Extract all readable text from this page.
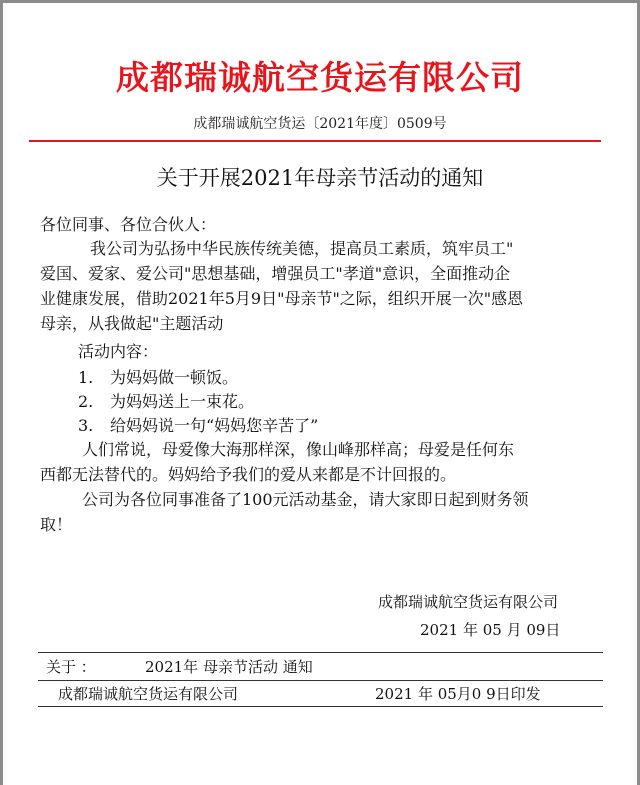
成都瑞诚航空货运有限公司
成都瑞诚航空货运〔2021年度〕0509号
关于开展2021年母亲节活动的通知
各位同事、各位合伙人：
我公司为弘扬中华民族传统美德，提高员工素质，筑牢员工"
爱国、爱家、爱公司"思想基础，增强员工"孝道"意识，全面推动企
业健康发展，借助2021年5月9日"母亲节"之际，组织开展一次"感恩
母亲，从我做起"主题活动
活动内容：
1. 为妈妈做一顿饭。
2. 为妈妈送上一束花。
3. 给妈妈说一句“妈妈您辛苦了”
人们常说，母爱像大海那样深，像山峰那样高；母爱是任何东
西都无法替代的。妈妈给予我们的爱从来都是不计回报的。
公司为各位同事准备了100元活动基金，请大家即日起到财务领
取！
成都瑞诚航空货运有限公司
2021 年 05 月 09日
关于 ：	2021年 母亲节活动 通知
成都瑞诚航空货运有限公司	2021 年 05月0 9日印发
